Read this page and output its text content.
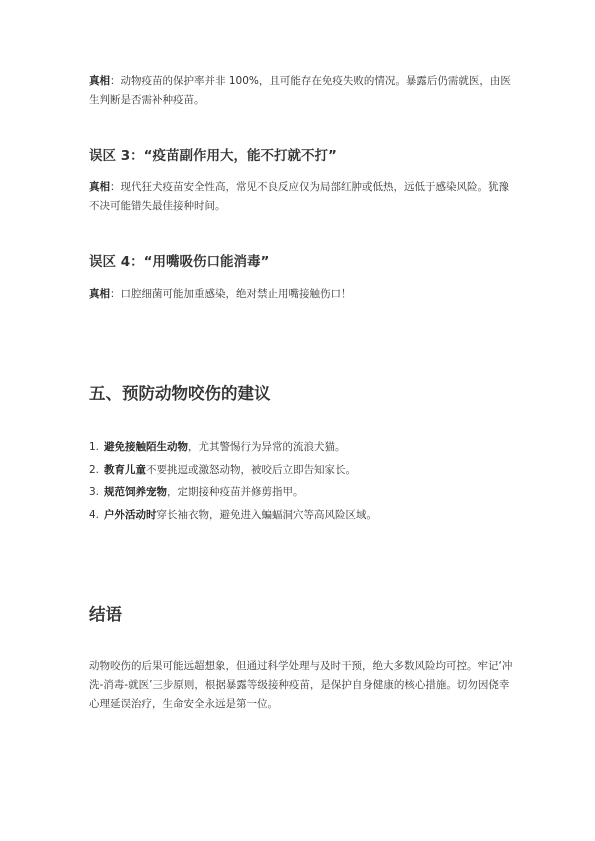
真相：动物疫苗的保护率并非 100%，且可能存在免疫失败的情况。暴露后仍需就医，由医生判断是否需补种疫苗。

误区 3：“疫苗副作用大，能不打就不打”

真相：现代狂犬疫苗安全性高，常见不良反应仅为局部红肿或低热，远低于感染风险。犹豫不决可能错失最佳接种时间。

误区 4：“用嘴吸伤口能消毒”

真相：口腔细菌可能加重感染，绝对禁止用嘴接触伤口！

五、预防动物咬伤的建议
1. 避免接触陌生动物，尤其警惕行为异常的流浪犬猫。
2. 教育儿童不要挑逗或激怒动物，被咬后立即告知家长。
3. 规范饲养宠物，定期接种疫苗并修剪指甲。
4. 户外活动时穿长袖衣物，避免进入蝙蝠洞穴等高风险区域。
结语

动物咬伤的后果可能远超想象，但通过科学处理与及时干预，绝大多数风险均可控。牢记‘冲洗-消毒-就医’三步原则，根据暴露等级接种疫苗，是保护自身健康的核心措施。切勿因侥幸心理延误治疗，生命安全永远是第一位。
